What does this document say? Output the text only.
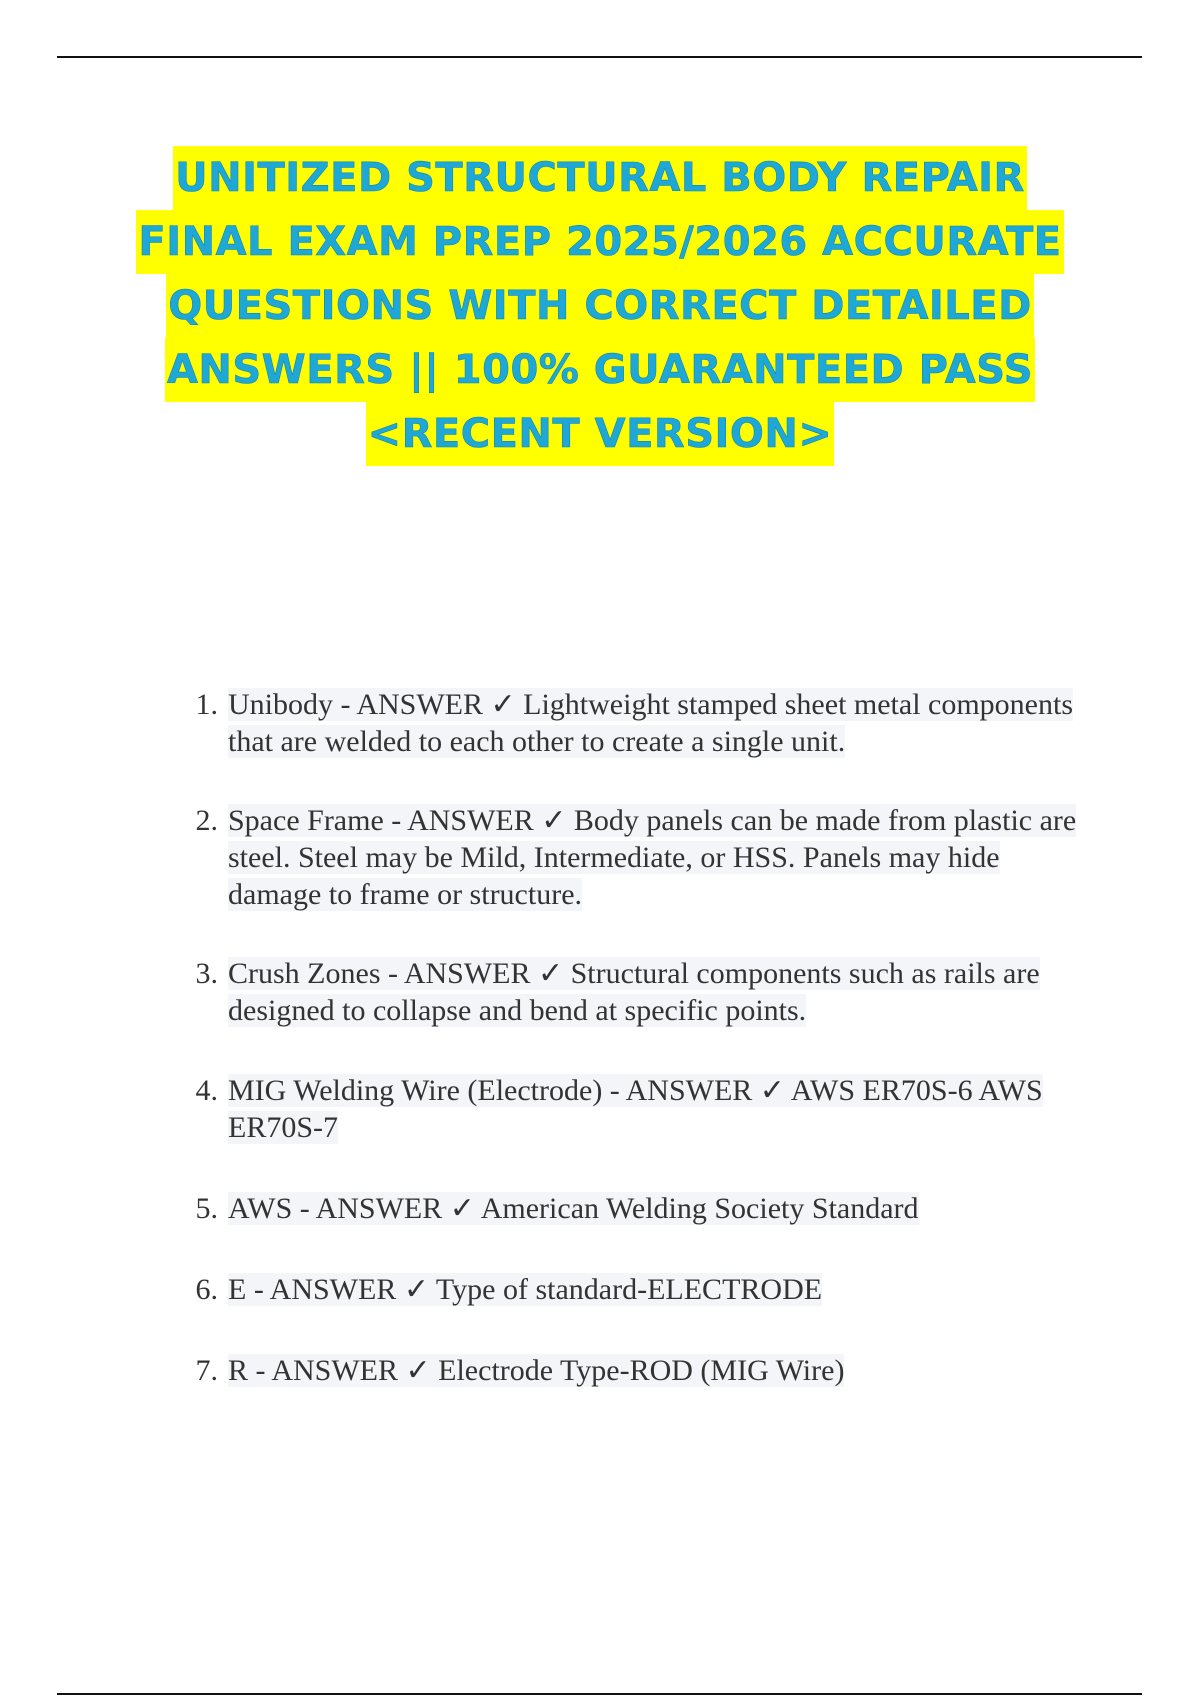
UNITIZED STRUCTURAL BODY REPAIR
FINAL EXAM PREP 2025/2026 ACCURATE
QUESTIONS WITH CORRECT DETAILED
ANSWERS || 100% GUARANTEED PASS
<RECENT VERSION>
1. Unibody - ANSWER ✓ Lightweight stamped sheet metal components that are welded to each other to create a single unit.
2. Space Frame - ANSWER ✓ Body panels can be made from plastic are steel. Steel may be Mild, Intermediate, or HSS. Panels may hide damage to frame or structure.
3. Crush Zones - ANSWER ✓ Structural components such as rails are designed to collapse and bend at specific points.
4. MIG Welding Wire (Electrode) - ANSWER ✓ AWS ER70S-6 AWS ER70S-7
5. AWS - ANSWER ✓ American Welding Society Standard
6. E - ANSWER ✓ Type of standard-ELECTRODE
7. R - ANSWER ✓ Electrode Type-ROD (MIG Wire)
